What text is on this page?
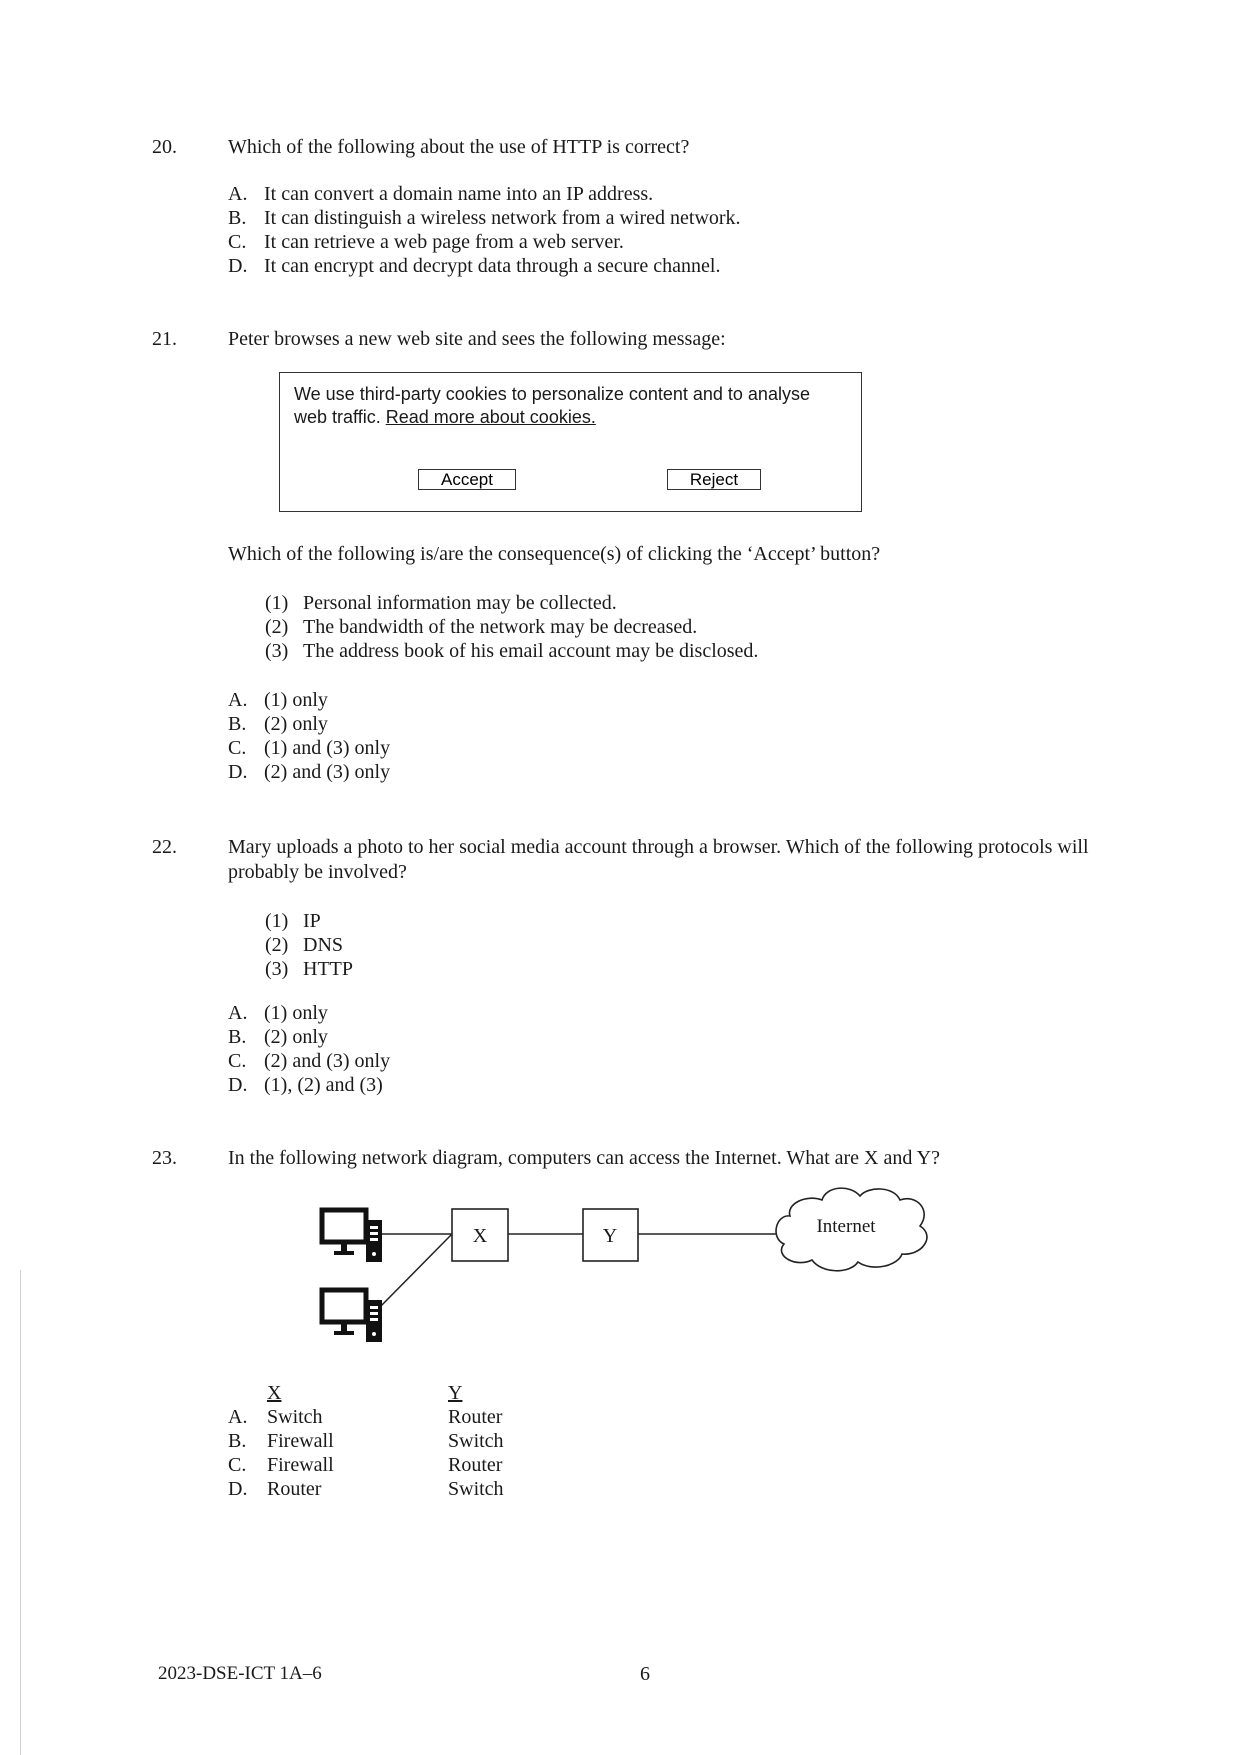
20.	Which of the following about the use of HTTP is correct?
A. It can convert a domain name into an IP address.
B. It can distinguish a wireless network from a wired network.
C. It can retrieve a web page from a web server.
D. It can encrypt and decrypt data through a secure channel.
21.	Peter browses a new web site and sees the following message:
We use third-party cookies to personalize content and to analyse
web traffic. Read more about cookies.
Accept	Reject
Which of the following is/are the consequence(s) of clicking the ‘Accept’ button?
(1) Personal information may be collected.
(2) The bandwidth of the network may be decreased.
(3) The address book of his email account may be disclosed.
A. (1) only
B. (2) only
C. (1) and (3) only
D. (2) and (3) only
22.	Mary uploads a photo to her social media account through a browser. Which of the following protocols will
probably be involved?
(1) IP
(2) DNS
(3) HTTP
A. (1) only
B. (2) only
C. (2) and (3) only
D. (1), (2) and (3)
23.	In the following network diagram, computers can access the Internet. What are X and Y?
X	Y	Internet
X	Y
A. Switch	Router
B. Firewall	Switch
C. Firewall	Router
D. Router	Switch
2023-DSE-ICT 1A–6	6
